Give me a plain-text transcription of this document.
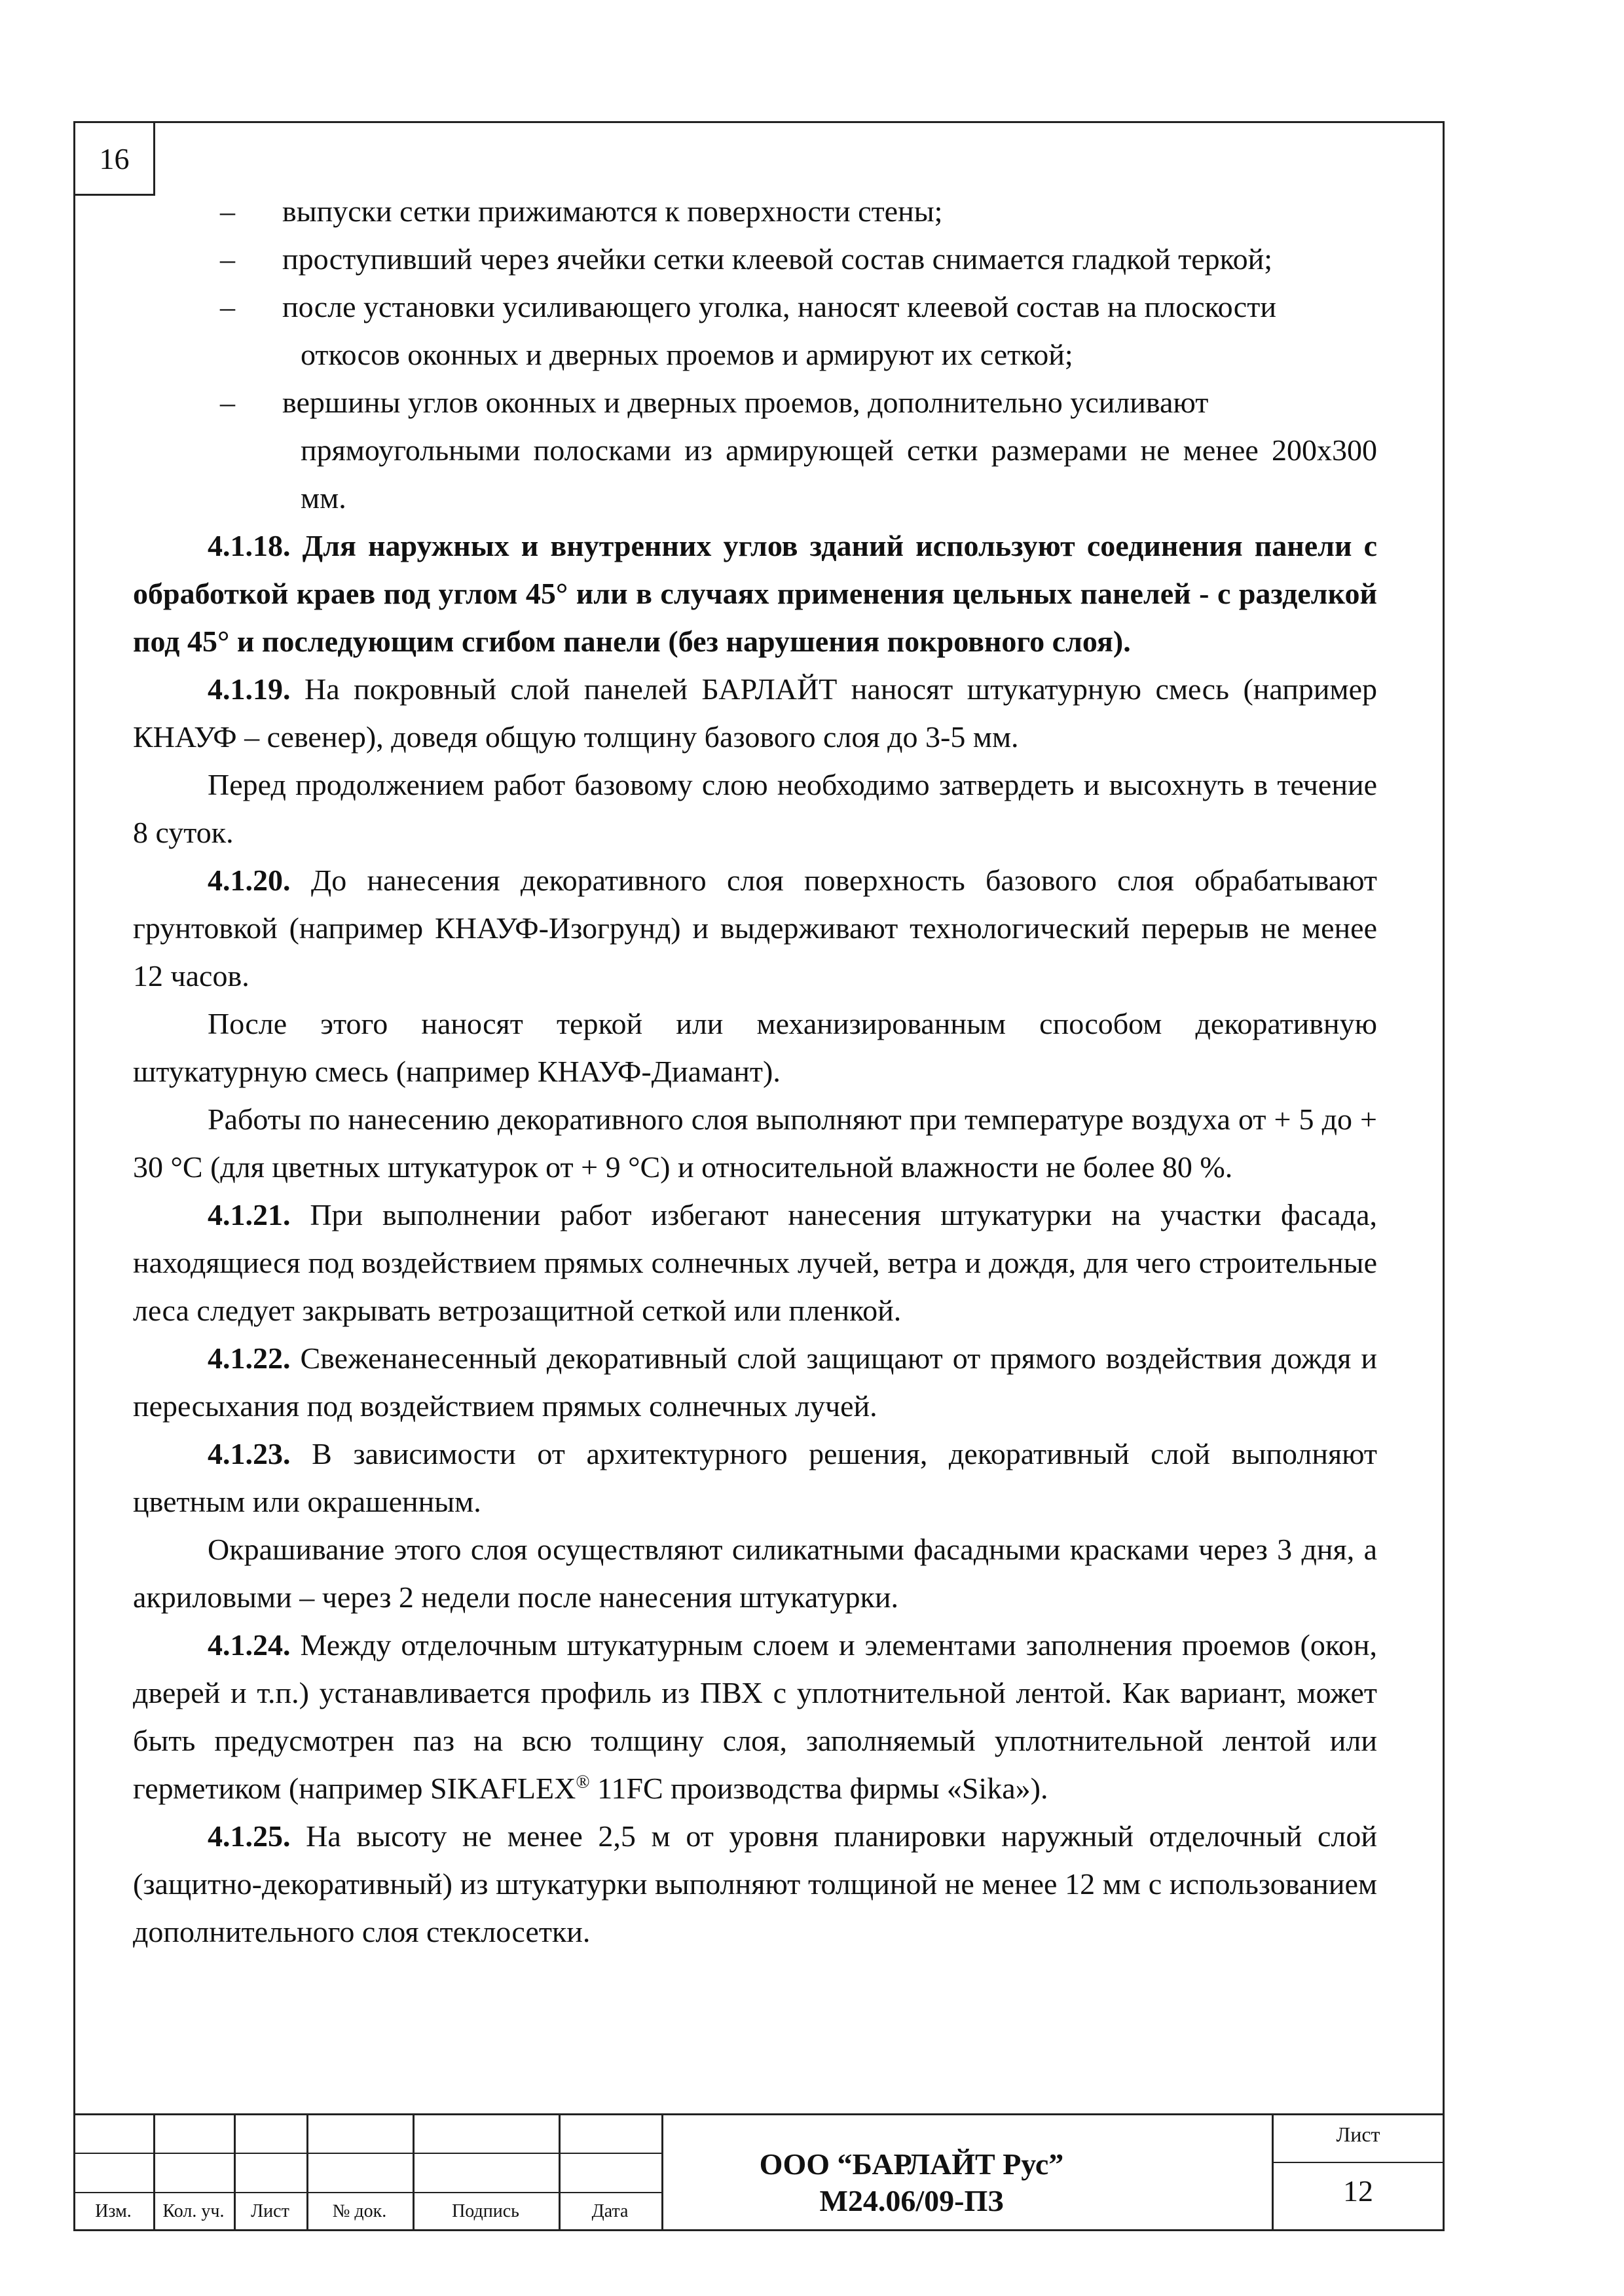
16

– выпуски сетки прижимаются к поверхности стены;

– проступивший через ячейки сетки клеевой состав снимается гладкой теркой;

– после установки усиливающего уголка, наносят клеевой состав на плоскости
откосов оконных и дверных проемов и армируют их сеткой;

– вершины углов оконных и дверных проемов, дополнительно усиливают
прямоугольными полосками из армирующей сетки размерами не менее 200х300 мм.

4.1.18. Для наружных и внутренних углов зданий используют соединения панели с обработкой краев под углом 45° или в случаях применения цельных панелей - с разделкой под 45° и последующим сгибом панели (без нарушения покровного слоя).

4.1.19. На покровный слой панелей БАРЛАЙТ наносят штукатурную смесь (например КНАУФ – севенер), доведя общую толщину базового слоя до 3-5 мм.

Перед продолжением работ базовому слою необходимо затвердеть и высохнуть в течение 8 суток.

4.1.20. До нанесения декоративного слоя поверхность базового слоя обрабатывают грунтовкой (например КНАУФ-Изогрунд) и выдерживают технологический перерыв не менее 12 часов.

После этого наносят теркой или механизированным способом декоративную штукатурную смесь (например КНАУФ-Диамант).

Работы по нанесению декоративного слоя выполняют при температуре воздуха от + 5 до + 30 °С (для цветных штукатурок от + 9 °С) и относительной влажности не более 80 %.

4.1.21. При выполнении работ избегают нанесения штукатурки на участки фасада, находящиеся под воздействием прямых солнечных лучей, ветра и дождя, для чего строительные леса следует закрывать ветрозащитной сеткой или пленкой.

4.1.22. Свеженанесенный декоративный слой защищают от прямого воздействия дождя и пересыхания под воздействием прямых солнечных лучей.

4.1.23. В зависимости от архитектурного решения, декоративный слой выполняют цветным или окрашенным.

Окрашивание этого слоя осуществляют силикатными фасадными красками через 3 дня, а акриловыми – через 2 недели после нанесения штукатурки.

4.1.24. Между отделочным штукатурным слоем и элементами заполнения проемов (окон, дверей и т.п.) устанавливается профиль из ПВХ с уплотнительной лентой. Как вариант, может быть предусмотрен паз на всю толщину слоя, заполняемый уплотнительной лентой или герметиком (например SIKAFLEX® 11FC производства фирмы «Sika»).

4.1.25. На высоту не менее 2,5 м от уровня планировки наружный отделочный слой (защитно-декоративный) из штукатурки выполняют толщиной не менее 12 мм с использованием дополнительного слоя стеклосетки.

Изм.	Кол. уч.	Лист	№ док.	Подпись	Дата
ООО “БАРЛАЙТ Рус”
М24.06/09-ПЗ
Лист
12
